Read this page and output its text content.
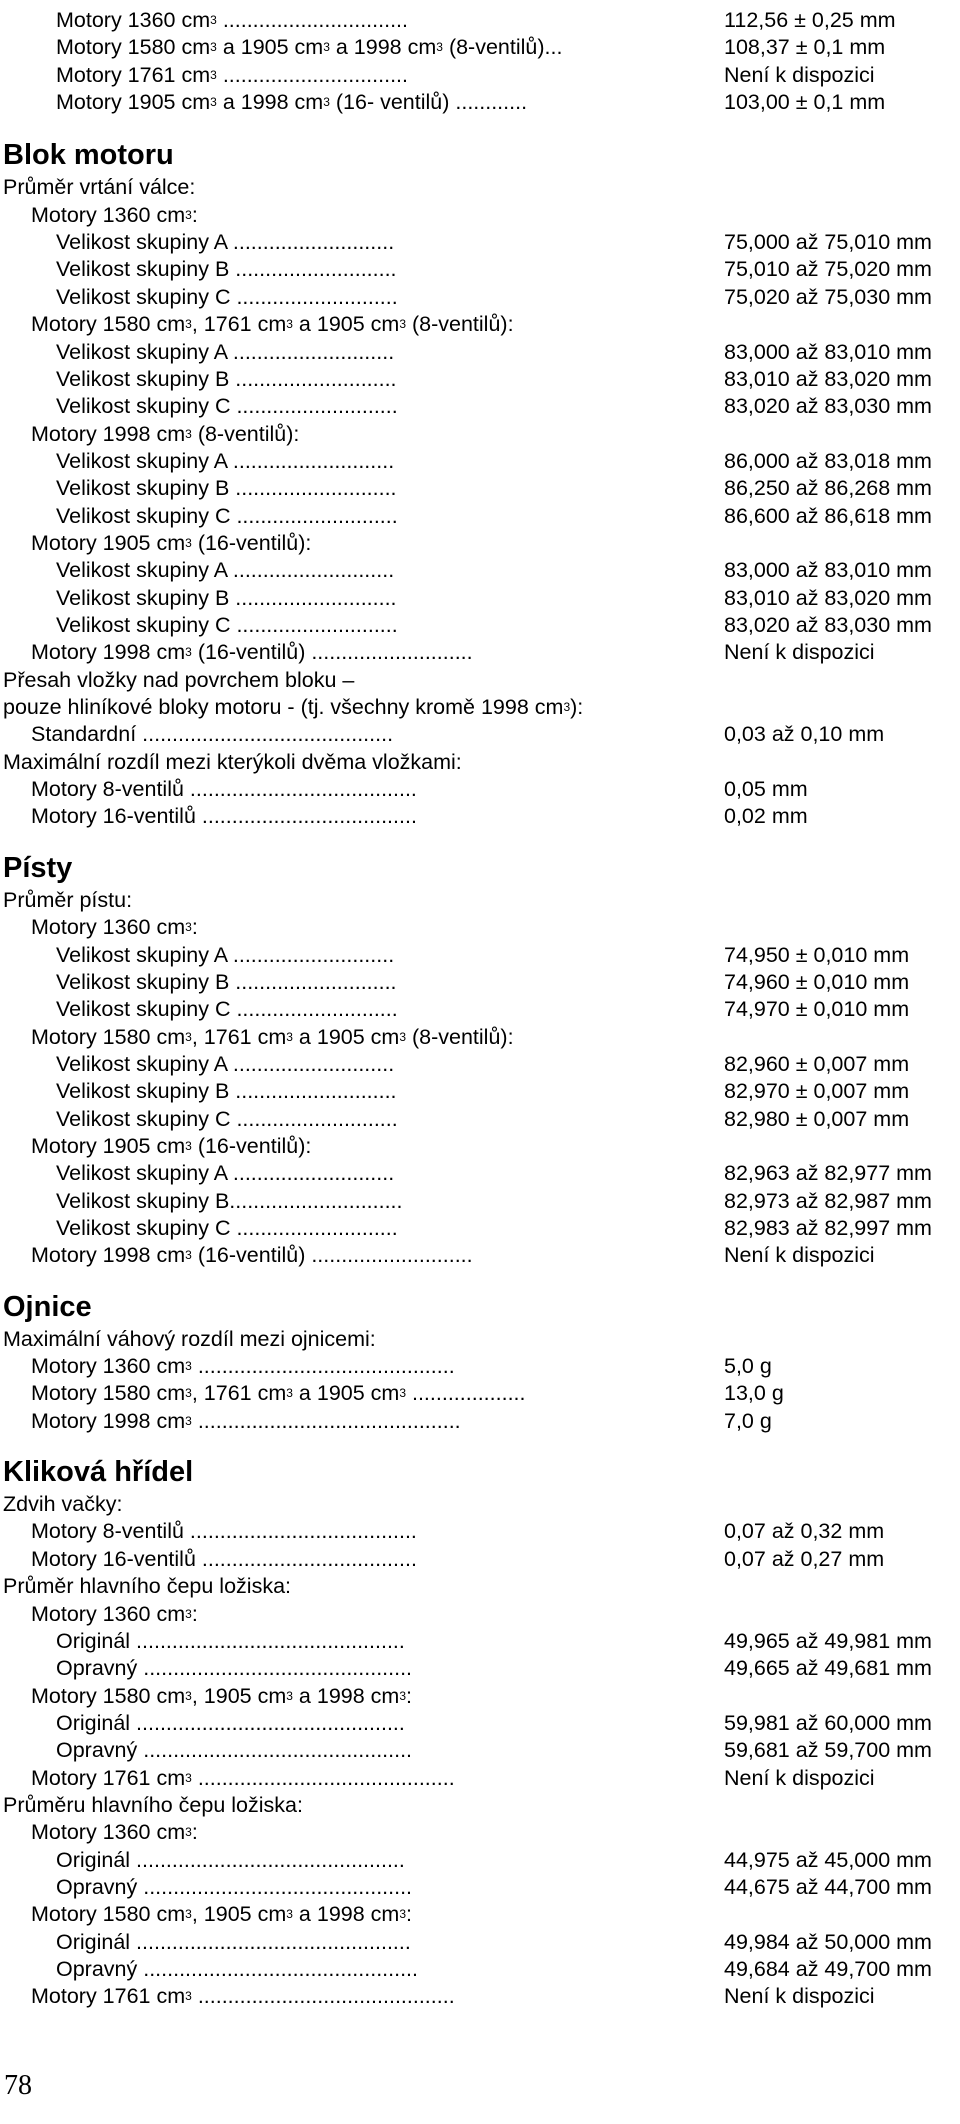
Motory 1360 $cm^3$ ...............................	112,56 ± 0,25 mm
Motory 1580 $cm^3$ a 1905 $cm^3$ a 1998 $cm^3$ (8-ventilů)...	108,37 ± 0,1 mm
Motory 1761 $cm^3$ ...............................	Není k dispozici
Motory 1905 $cm^3$ a 1998 $cm^3$ (16- ventilů) ............	103,00 ± 0,1 mm
Blok motoru
Průměr vrtání válce:
Motory 1360 $cm^3$:
Velikost skupiny A ...........................	75,000 až 75,010 mm
Velikost skupiny B ...........................	75,010 až 75,020 mm
Velikost skupiny C ...........................	75,020 až 75,030 mm
Motory 1580 $cm^3$, 1761 $cm^3$ a 1905 $cm^3$ (8-ventilů):
Velikost skupiny A ...........................	83,000 až 83,010 mm
Velikost skupiny B ...........................	83,010 až 83,020 mm
Velikost skupiny C ...........................	83,020 až 83,030 mm
Motory 1998 $cm^3$ (8-ventilů):
Velikost skupiny A ...........................	86,000 až 83,018 mm
Velikost skupiny B ...........................	86,250 až 86,268 mm
Velikost skupiny C ...........................	86,600 až 86,618 mm
Motory 1905 $cm^3$ (16-ventilů):
Velikost skupiny A ...........................	83,000 až 83,010 mm
Velikost skupiny B ...........................	83,010 až 83,020 mm
Velikost skupiny C ...........................	83,020 až 83,030 mm
Motory 1998 $cm^3$ (16-ventilů) ...........................	Není k dispozici
Přesah vložky nad povrchem bloku –
pouze hliníkové bloky motoru - (tj. všechny kromě 1998 $cm^3$):
Standardní ..........................................	0,03 až 0,10 mm
Maximální rozdíl mezi kterýkoli dvěma vložkami:
Motory 8-ventilů ......................................	0,05 mm
Motory 16-ventilů ....................................	0,02 mm
Písty
Průměr pístu:
Motory 1360 $cm^3$:
Velikost skupiny A ...........................	74,950 ± 0,010 mm
Velikost skupiny B ...........................	74,960 ± 0,010 mm
Velikost skupiny C ...........................	74,970 ± 0,010 mm
Motory 1580 $cm^3$, 1761 $cm^3$ a 1905 $cm^3$ (8-ventilů):
Velikost skupiny A ...........................	82,960 ± 0,007 mm
Velikost skupiny B ...........................	82,970 ± 0,007 mm
Velikost skupiny C ...........................	82,980 ± 0,007 mm
Motory 1905 $cm^3$ (16-ventilů):
Velikost skupiny A ...........................	82,963 až 82,977 mm
Velikost skupiny B.............................	82,973 až 82,987 mm
Velikost skupiny C ...........................	82,983 až 82,997 mm
Motory 1998 $cm^3$ (16-ventilů) ...........................	Není k dispozici
Ojnice
Maximální váhový rozdíl mezi ojnicemi:
Motory 1360 $cm^3$ ...........................................	5,0 g
Motory 1580 $cm^3$, 1761 $cm^3$ a 1905 $cm^3$ ...................	13,0 g
Motory 1998 $cm^3$ ............................................	7,0 g
Kliková hřídel
Zdvih vačky:
Motory 8-ventilů ......................................	0,07 až 0,32 mm
Motory 16-ventilů ....................................	0,07 až 0,27 mm
Průměr hlavního čepu ložiska:
Motory 1360 $cm^3$:
Originál .............................................	49,965 až 49,981 mm
Opravný .............................................	49,665 až 49,681 mm
Motory 1580 $cm^3$, 1905 $cm^3$ a 1998 $cm^3$:
Originál .............................................	59,981 až 60,000 mm
Opravný .............................................	59,681 až 59,700 mm
Motory 1761 $cm^3$ ...........................................	Není k dispozici
Průměru hlavního čepu ložiska:
Motory 1360 $cm^3$:
Originál .............................................	44,975 až 45,000 mm
Opravný .............................................	44,675 až 44,700 mm
Motory 1580 $cm^3$, 1905 $cm^3$ a 1998 $cm^3$:
Originál ..............................................	49,984 až 50,000 mm
Opravný ..............................................	49,684 až 49,700 mm
Motory 1761 $cm^3$ ...........................................	Není k dispozici
78
